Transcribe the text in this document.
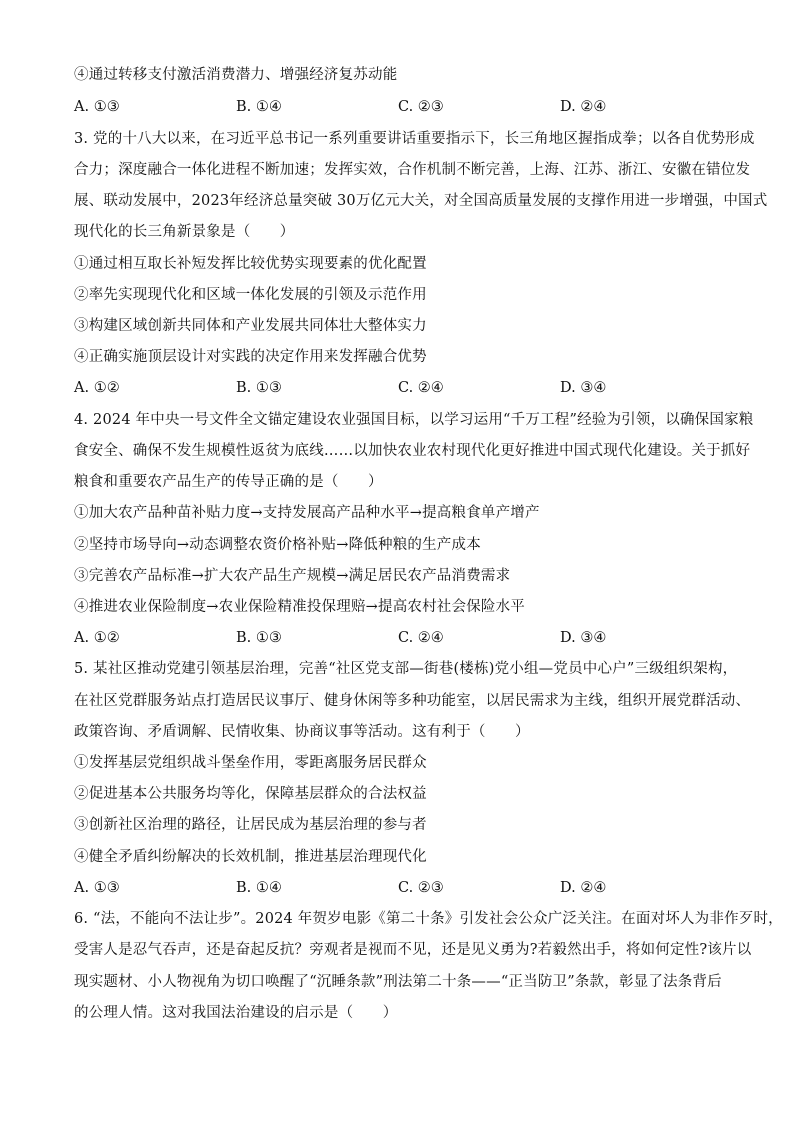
④通过转移支付激活消费潜力、增强经济复苏动能
A. ①③	B. ①④	C. ②③	D. ②④
3. 党的十八大以来，在习近平总书记一系列重要讲话重要指示下，长三角地区握指成拳；以各自优势形成
合力；深度融合一体化进程不断加速；发挥实效，合作机制不断完善，上海、江苏、浙江、安徽在错位发
展、联动发展中，2023年经济总量突破 30万亿元大关，对全国高质量发展的支撑作用进一步增强，中国式
现代化的长三角新景象是（　　）
①通过相互取长补短发挥比较优势实现要素的优化配置
②率先实现现代化和区域一体化发展的引领及示范作用
③构建区域创新共同体和产业发展共同体壮大整体实力
④正确实施顶层设计对实践的决定作用来发挥融合优势
A. ①②	B. ①③	C. ②④	D. ③④
4. 2024 年中央一号文件全文锚定建设农业强国目标，以学习运用“千万工程”经验为引领，以确保国家粮
食安全、确保不发生规模性返贫为底线……以加快农业农村现代化更好推进中国式现代化建设。关于抓好
粮食和重要农产品生产的传导正确的是（　　）
①加大农产品种苗补贴力度→支持发展高产品种水平→提高粮食单产增产
②坚持市场导向→动态调整农资价格补贴→降低种粮的生产成本
③完善农产品标准→扩大农产品生产规模→满足居民农产品消费需求
④推进农业保险制度→农业保险精准投保理赔→提高农村社会保险水平
A. ①②	B. ①③	C. ②④	D. ③④
5. 某社区推动党建引领基层治理，完善“社区党支部—街巷(楼栋)党小组—党员中心户”三级组织架构，
在社区党群服务站点打造居民议事厅、健身休闲等多种功能室，以居民需求为主线，组织开展党群活动、
政策咨询、矛盾调解、民情收集、协商议事等活动。这有利于（　　）
①发挥基层党组织战斗堡垒作用，零距离服务居民群众
②促进基本公共服务均等化，保障基层群众的合法权益
③创新社区治理的路径，让居民成为基层治理的参与者
④健全矛盾纠纷解决的长效机制，推进基层治理现代化
A. ①③	B. ①④	C. ②③	D. ②④
6. “法，不能向不法让步”。2024 年贺岁电影《第二十条》引发社会公众广泛关注。在面对坏人为非作歹时，
受害人是忍气吞声，还是奋起反抗？旁观者是视而不见，还是见义勇为?若毅然出手，将如何定性?该片以
现实题材、小人物视角为切口唤醒了“沉睡条款”刑法第二十条——“正当防卫”条款，彰显了法条背后
的公理人情。这对我国法治建设的启示是（　　）
